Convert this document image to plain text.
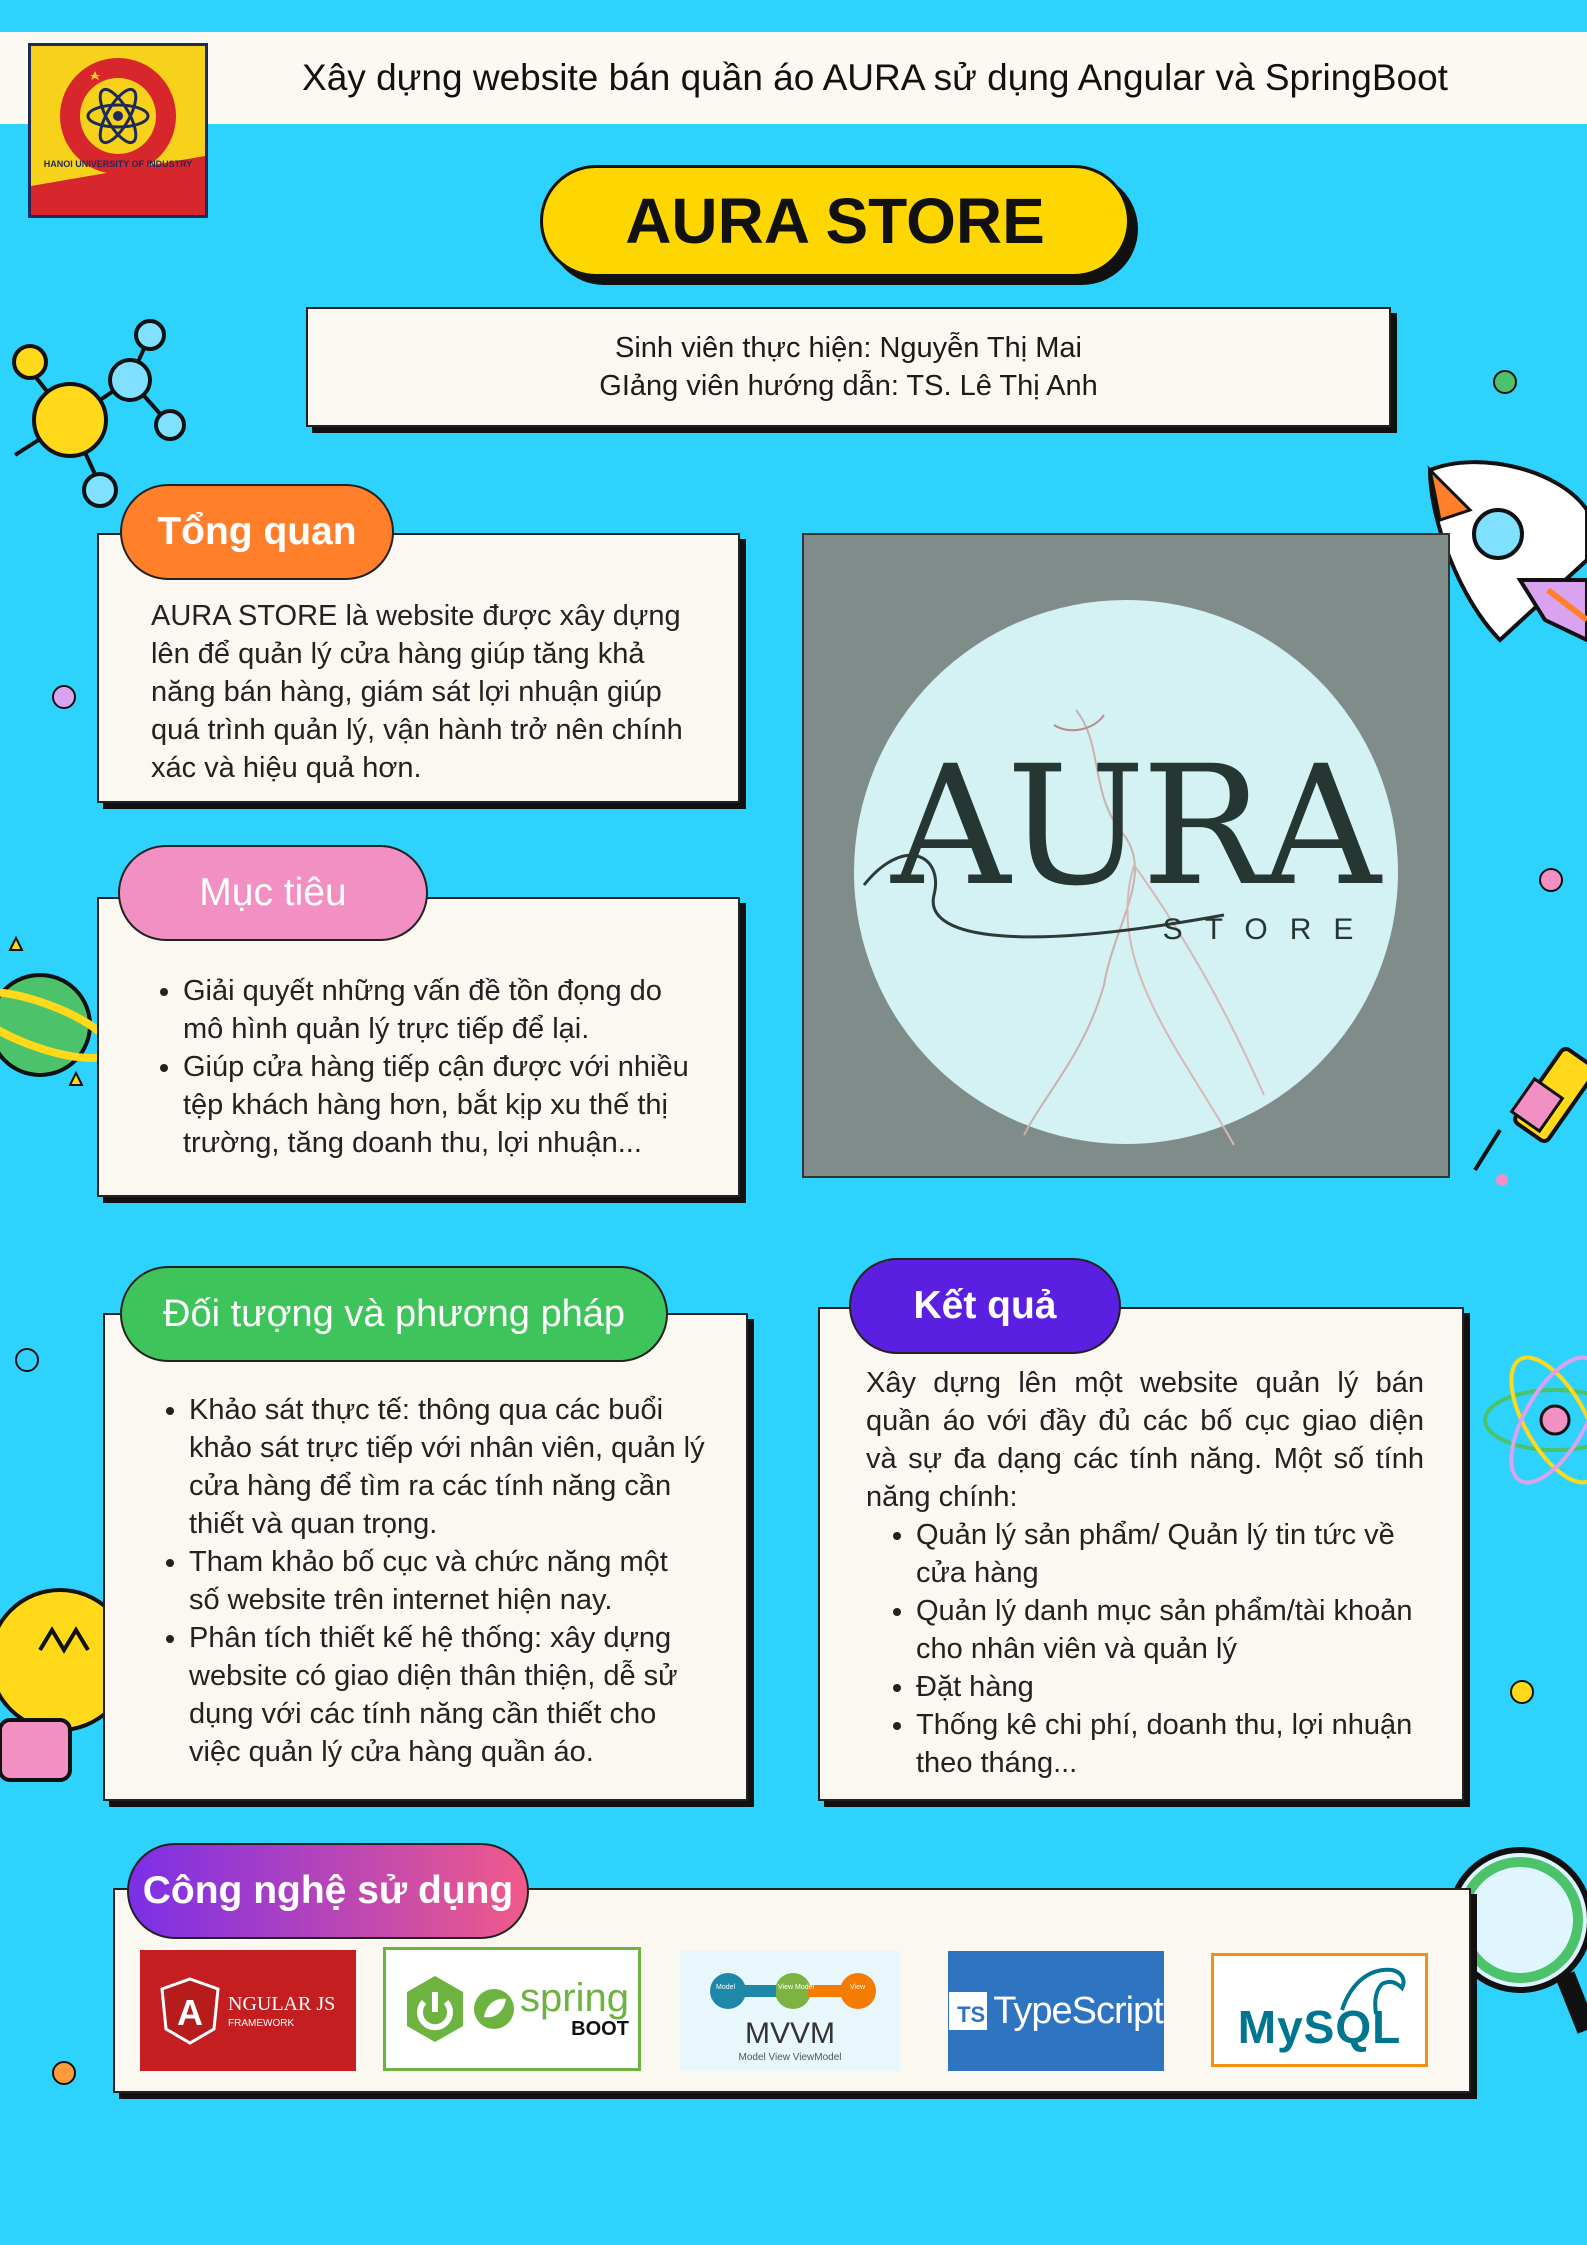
Xây dựng website bán quần áo AURA sử dụng Angular và SpringBoot
HANOI UNIVERSITY OF INDUSTRY
AURA STORE
Sinh viên thực hiện: Nguyễn Thị Mai
GIảng viên hướng dẫn: TS. Lê Thị Anh
AURA STORE là website được xây dựng lên để quản lý cửa hàng giúp tăng khả năng bán hàng, giám sát lợi nhuận giúp quá trình quản lý, vận hành trở nên chính xác và hiệu quả hơn.
Tổng quan
• Giải quyết những vấn đề tồn đọng do mô hình quản lý trực tiếp để lại.
• Giúp cửa hàng tiếp cận được với nhiều tệp khách hàng hơn, bắt kịp xu thế thị trường, tăng doanh thu, lợi nhuận...
Mục tiêu	AURA
STORE
• Khảo sát thực tế: thông qua các buổi khảo sát trực tiếp với nhân viên, quản lý cửa hàng để tìm ra các tính năng cần thiết và quan trọng.
• Tham khảo bố cục và chức năng một số website trên internet hiện nay.
• Phân tích thiết kế hệ thống: xây dựng website có giao diện thân thiện, dễ sử dụng với các tính năng cần thiết cho việc quản lý cửa hàng quần áo.
Đối tượng và phương pháp
Xây dựng lên một website quản lý bán quần áo với đầy đủ các bố cục giao diện và sự đa dạng các tính năng. Một số tính năng chính:
• Quản lý sản phẩm/ Quản lý tin tức về cửa hàng
• Quản lý danh mục sản phẩm/tài khoản cho nhân viên và quản lý
• Đặt hàng
• Thống kê chi phí, doanh thu, lợi nhuận theo tháng...
Kết quả
Công nghệ sử dụng
A NGULAR JS
FRAMEWORK
spring
BOOT
Model	View Model	View
MVVM
Model View ViewModel
TS TypeScript	MySQL
